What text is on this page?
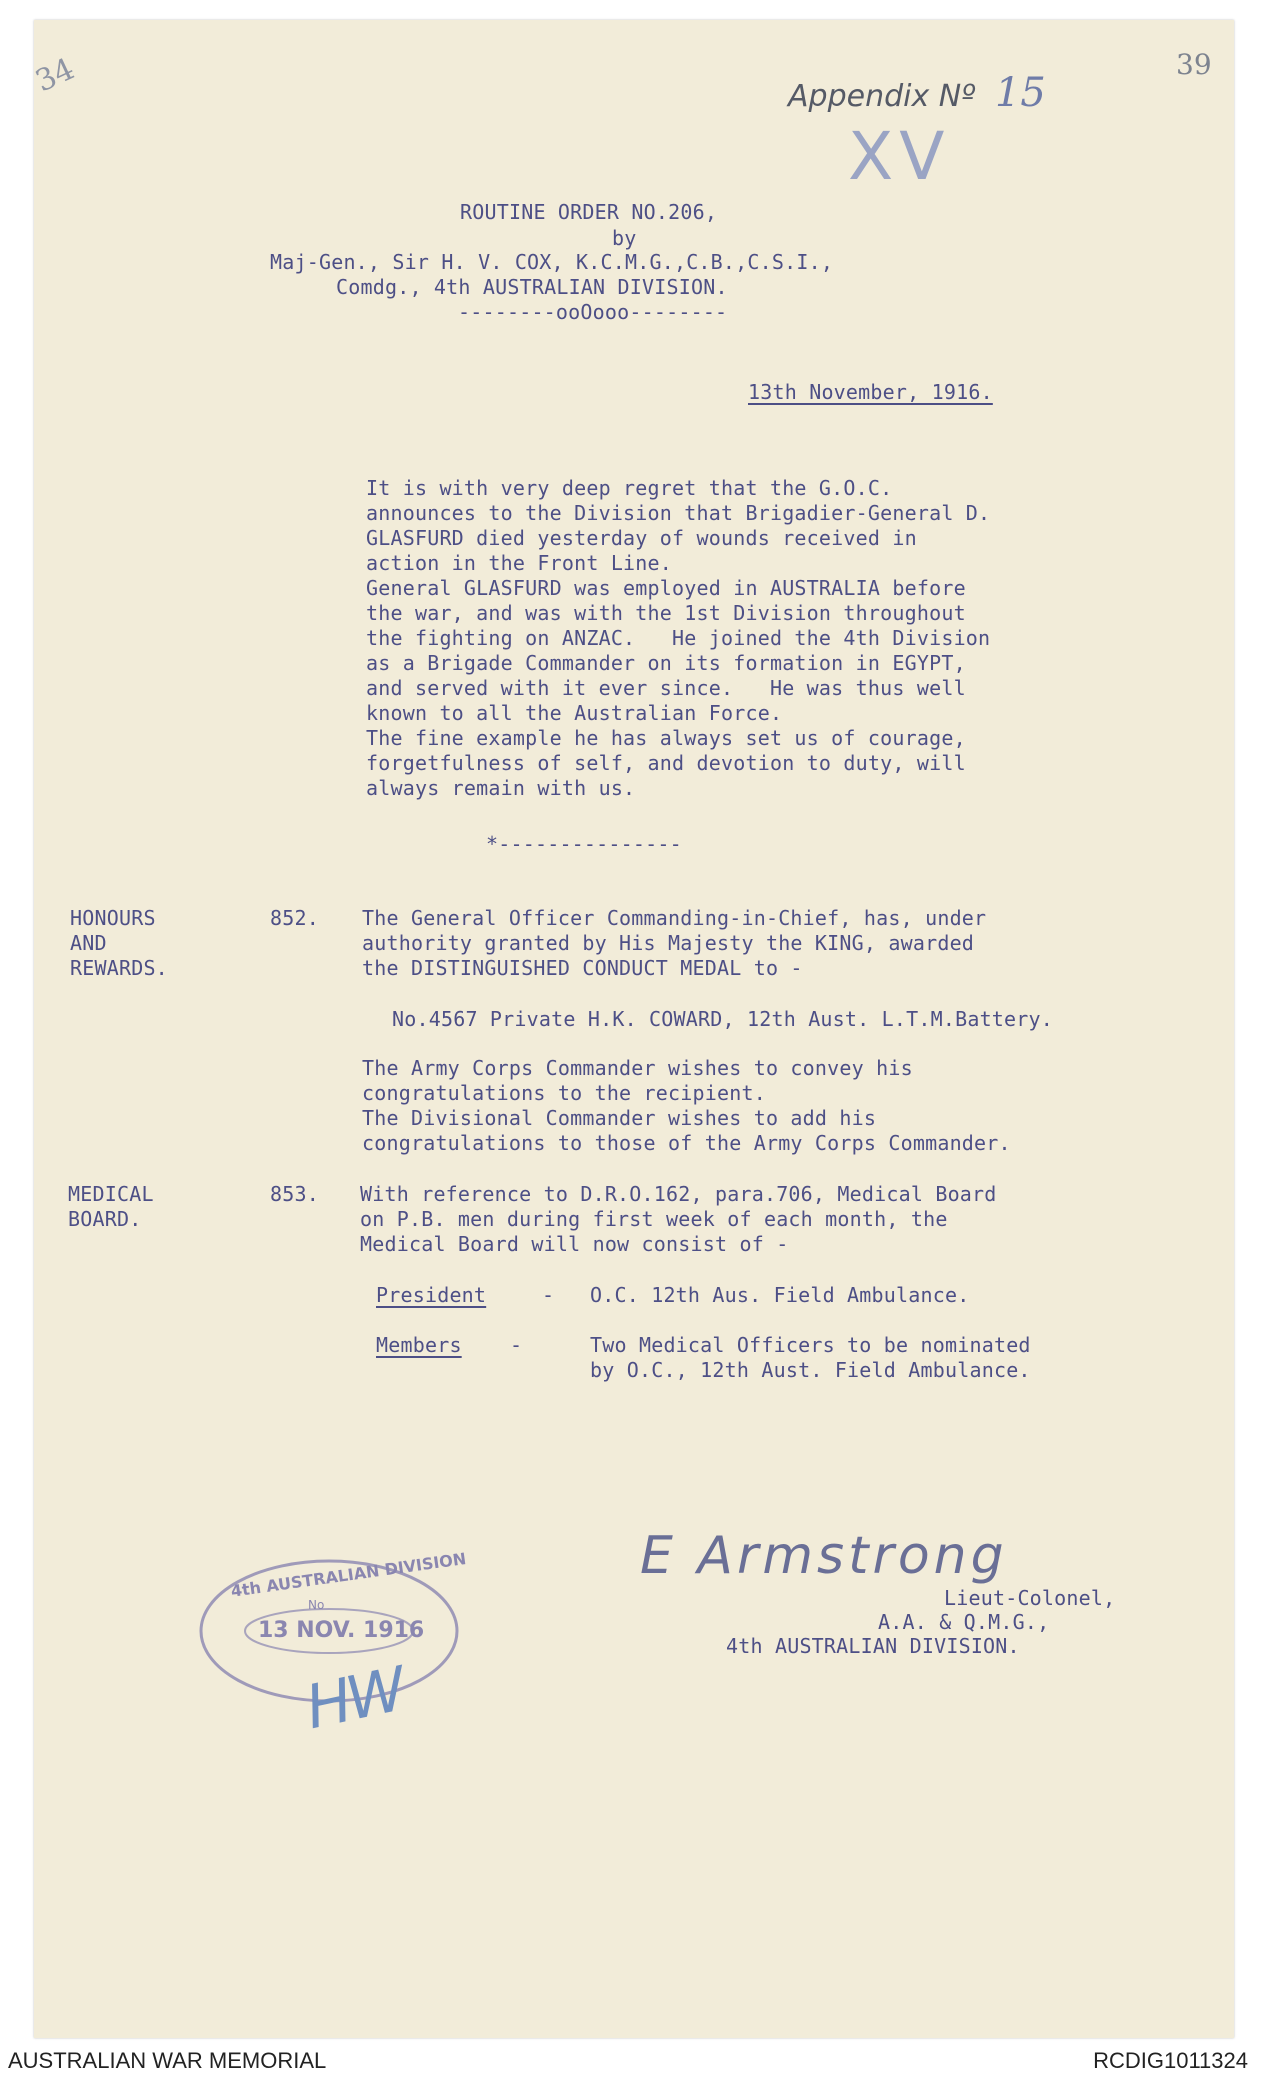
34	39
Appendix Nº 15
XV
ROUTINE ORDER NO.206,
by
Maj-Gen., Sir H. V. COX, K.C.M.G.,C.B.,C.S.I.,
Comdg., 4th AUSTRALIAN DIVISION.
--------ooOooo--------
13th November, 1916.
It is with very deep regret that the G.O.C.
announces to the Division that Brigadier-General D.
GLASFURD died yesterday of wounds received in
action in the Front Line.
General GLASFURD was employed in AUSTRALIA before
the war, and was with the 1st Division throughout
the fighting on ANZAC.   He joined the 4th Division
as a Brigade Commander on its formation in EGYPT,
and served with it ever since.   He was thus well
known to all the Australian Force.
The fine example he has always set us of courage,
forgetfulness of self, and devotion to duty, will
always remain with us.
*---------------
HONOURS
AND
REWARDS.
852. The General Officer Commanding-in-Chief, has, under
authority granted by His Majesty the KING, awarded
the DISTINGUISHED CONDUCT MEDAL to -
No.4567 Private H.K. COWARD, 12th Aust. L.T.M.Battery.
The Army Corps Commander wishes to convey his
congratulations to the recipient.
The Divisional Commander wishes to add his
congratulations to those of the Army Corps Commander.
MEDICAL
BOARD.
853. With reference to D.R.O.162, para.706, Medical Board
on P.B. men during first week of each month, the
Medical Board will now consist of -
President	- O.C. 12th Aus. Field Ambulance.
Members -	Two Medical Officers to be nominated
by O.C., 12th Aust. Field Ambulance.
E Armstrong
Lieut-Colonel,
A.A. & Q.M.G.,
4th AUSTRALIAN DIVISION.
4th AUSTRALIAN DIVISION
No
13 NOV. 1916
HW
AUSTRALIAN WAR MEMORIAL	RCDIG1011324
